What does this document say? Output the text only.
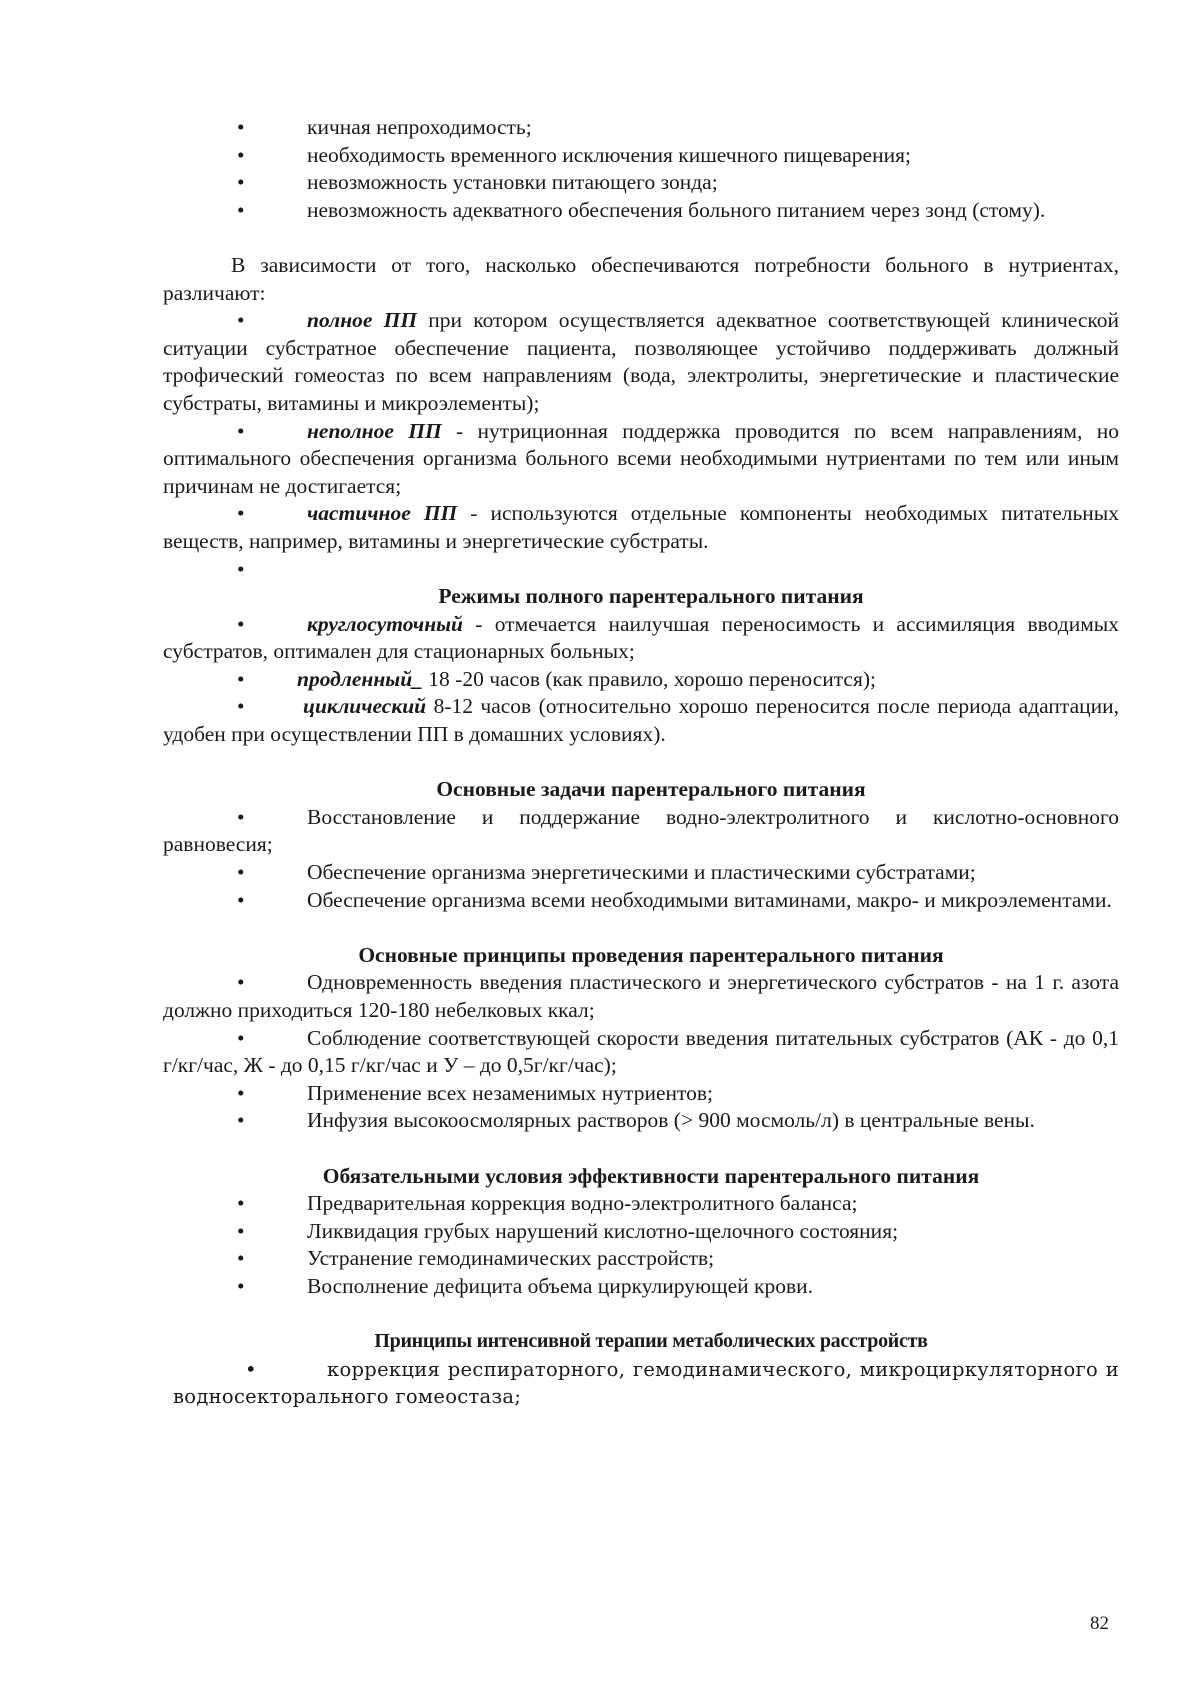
•	кичная непроходимость;

•	необходимость временного исключения кишечного пищеварения;

•	невозможность установки питающего зонда;

•	невозможность адекватного обеспечения больного питанием через зонд (стому).

В зависимости от того, насколько обеспечиваются потребности больного в нутриентах, различают:

•	полное ПП при котором осуществляется адекватное соответствующей клинической ситуации субстратное обеспечение пациента, позволяющее устойчиво поддерживать должный трофический гомеостаз по всем направлениям (вода, электролиты, энергетические и пластические субстраты, витамины и микроэлементы);

•	неполное ПП - нутриционная поддержка проводится по всем направлениям, но оптимального обеспечения организма больного всеми необходимыми нутриентами по тем или иным причинам не достигается;

•	частичное ПП - используются отдельные компоненты необходимых питательных веществ, например, витамины и энергетические субстраты.

•

Режимы полного парентерального питания

•	круглосуточный - отмечается наилучшая переносимость и ассимиляция вводимых субстратов, оптимален для стационарных больных;

• продленный_ 18 -20 часов (как правило, хорошо переносится);

•	циклический 8-12 часов (относительно хорошо переносится после периода адаптации, удобен при осуществлении ПП в домашних условиях).

Основные задачи парентерального питания

•	Восстановление и поддержание водно-электролитного и кислотно-основного равновесия;

•	Обеспечение организма энергетическими и пластическими субстратами;

•	Обеспечение организма всеми необходимыми витаминами, макро- и микроэлементами.

Основные принципы проведения парентерального питания

•	Одновременность введения пластического и энергетического субстратов - на 1 г. азота должно приходиться 120-180 небелковых ккал;

•	Соблюдение соответствующей скорости введения питательных субстратов (АК - до 0,1 г/кг/час, Ж - до 0,15 г/кг/час и У – до 0,5г/кг/час);

•	Применение всех незаменимых нутриентов;

•	Инфузия высокоосмолярных растворов (> 900 мосмоль/л) в центральные вены.

Обязательными условия эффективности парентерального питания

•	Предварительная коррекция водно-электролитного баланса;

•	Ликвидация грубых нарушений кислотно-щелочного состояния;

•	Устранение гемодинамических расстройств;

•	Восполнение дефицита объема циркулирующей крови.

Принципы интенсивной терапии метаболических расстройств

•	коррекция респираторного, гемодинамического, микроциркуляторного и водносекторального гомеостаза;

82
